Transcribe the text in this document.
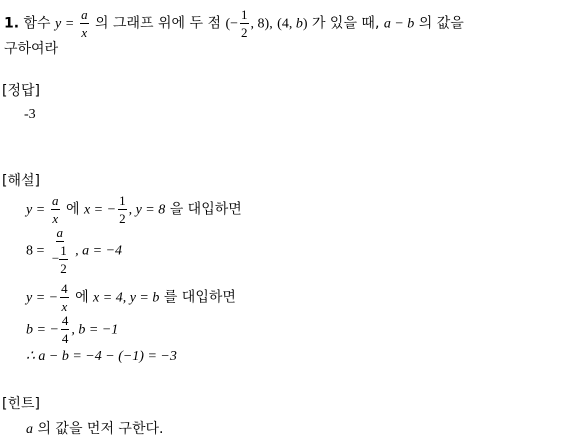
1. 함수 $y = \frac{a}{x}$ 의 그래프 위에 두 점 (− $\frac{1}{2}$ , 8), (4, b) 가 있을 때, a − b 의 값을
구하여라
[정답]
-3
[해설]
$y = \frac{a}{x}$ 에 x = − $\frac{1}{2}$ , y = 8 을 대입하면
$8 = \frac{a}{- \frac{1}{2}}$ , a = −4
y = − $\frac{4}{x}$ 에 x = 4, y = b 를 대입하면
b = − $\frac{4}{4}$ , b = −1
∴ a − b = −4 − (−1) = −3
[힌트]
a 의 값을 먼저 구한다.
